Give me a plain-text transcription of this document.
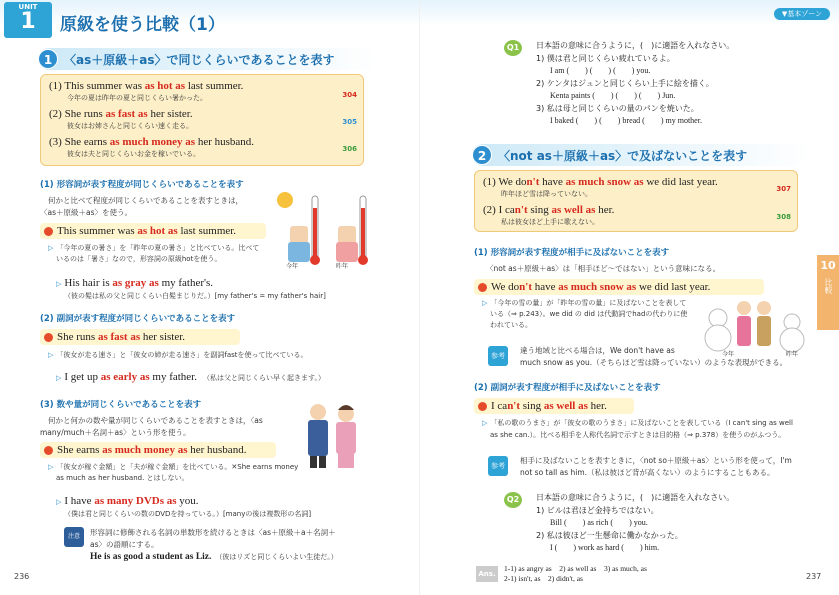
UNIT
1	原級を使う比較（1）
▼基本ゾーン
1 〈as＋原級＋as〉で同じくらいであることを表す
(1) This summer was as hot as last summer.
今年の夏は昨年の夏と同じくらい暑かった。	304
(2) She runs as fast as her sister.
彼女はお姉さんと同じくらい速く走る。	305
(3) She earns as much money as her husband.
彼女は夫と同じくらいお金を稼いでいる。
306
(1) 形容詞が表す程度が同じくらいであることを表す
何かと比べて程度が同じくらいであることを表すときは，
〈as＋原級＋as〉を使う。
This summer was as hot as last summer.
▷ 「今年の夏の暑さ」を「昨年の夏の暑さ」と比べている。比べて
いるのは「暑さ」なので，形容詞の原級hotを使う。
今年	昨年
▷ His hair is as gray as my father's.
（彼の髪は私の父と同じくらい白髪まじりだ。）[my father's = my father's hair]
(2) 副詞が表す程度が同じくらいであることを表す
She runs as fast as her sister.
▷ 「彼女が走る速さ」と「彼女の姉が走る速さ」を副詞fastを使って比べている。
▷ I get up as early as my father. （私は父と同じくらい早く起きます。）
(3) 数や量が同じくらいであることを表す
何かと何かの数や量が同じくらいであることを表すときは，〈as
many/much＋名詞＋as〉という形を使う。
She earns as much money as her husband.
▷ 「彼女が稼ぐ金額」と「夫が稼ぐ金額」を比べている。✕She earns money
as much as her husband. とはしない。
▷ I have as many DVDs as you.
（僕は君と同じくらいの数のDVDを持っている。）[manyの後は複数形の名詞]
注意	形容詞に修飾される名詞の単数形を続けるときは〈as＋原級＋a＋名詞＋
as〉の語順にする。
He is as good a student as Liz. （彼はリズと同じくらいよい生徒だ。）
236
Q1	日本語の意味に合うように，(　)に適語を入れなさい。
1) 僕は君と同じくらい疲れているよ。
I am (　　) (　　) (　　) you.
2) ケンタはジュンと同じくらい上手に絵を描く。
Kenta paints (　　) (　　) (　　) Jun.
3) 私は母と同じくらいの量のパンを焼いた。
I baked (　　) (　　) bread (　　) my mother.
2 〈not as＋原級＋as〉で及ばないことを表す
(1) We don't have as much snow as we did last year.
昨年ほど雪は降っていない。
307
(2) I can't sing as well as her.
私は彼女ほど上手に歌えない。
308
(1) 形容詞が表す程度が相手に及ばないことを表す
〈not as＋原級＋as〉は「相手ほど～ではない」という意味になる。
We don't have as much snow as we did last year.
▷ 「今年の雪の量」が「昨年の雪の量」に及ばないことを表して
いる（⇒ p.243）。we did の did は代動詞でhadの代わりに使
われている。
今年	昨年
参考
違う地域と比べる場合は，We don't have as
much snow as you.（そちらほど雪は降っていない）のような表現ができる。
(2) 副詞が表す程度が相手に及ばないことを表す
I can't sing as well as her.
▷ 「私の歌のうまさ」が「彼女の歌のうまさ」に及ばないことを表している（I can't sing as well
as she can.）。比べる相手を人称代名詞で示すときは目的格（⇒ p.378）を使うのがふつう。
参考
相手に及ばないことを表すときに，〈not so＋原級＋as〉という形を使って，I'm
not so tall as him.（私は彼ほど背が高くない）のようにすることもある。
Q2	日本語の意味に合うように，(　)に適語を入れなさい。
1) ビルは君ほど金持ちではない。
Bill (　　) as rich (　　) you.
2) 私は彼ほど一生懸命に働かなかった。
I (　　) work as hard (　　) him.
Ans.
1-1) as angry as　2) as well as　3) as much, as
2-1) isn't, as　2) didn't, as
10
比較
237
